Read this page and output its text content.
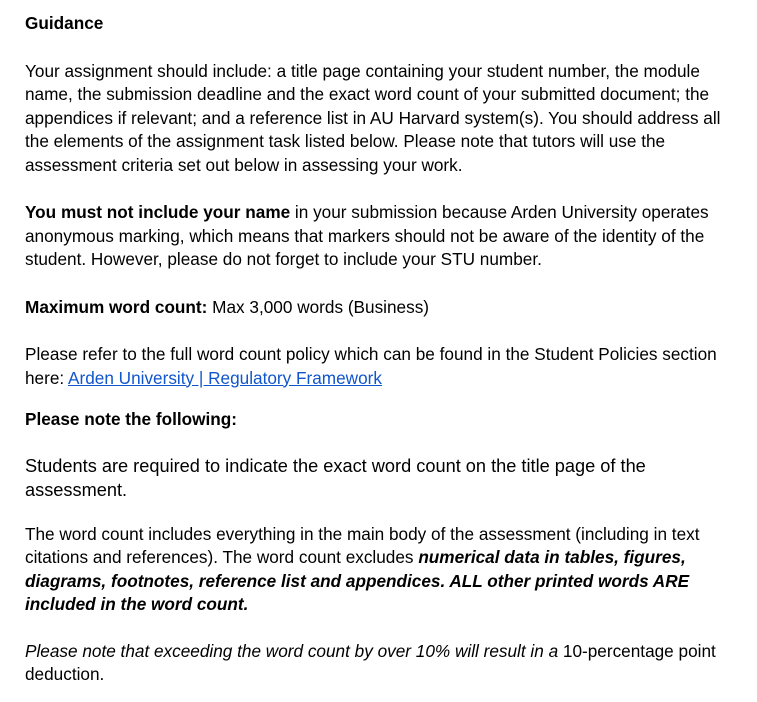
Guidance

Your assignment should include: a title page containing your student number, the module name, the submission deadline and the exact word count of your submitted document; the appendices if relevant; and a reference list in AU Harvard system(s). You should address all the elements of the assignment task listed below. Please note that tutors will use the assessment criteria set out below in assessing your work.

You must not include your name in your submission because Arden University operates anonymous marking, which means that markers should not be aware of the identity of the student. However, please do not forget to include your STU number.

Maximum word count: Max 3,000 words (Business)

Please refer to the full word count policy which can be found in the Student Policies section here: Arden University | Regulatory Framework

Please note the following:

Students are required to indicate the exact word count on the title page of the assessment.

The word count includes everything in the main body of the assessment (including in text citations and references). The word count excludes numerical data in tables, figures, diagrams, footnotes, reference list and appendices. ALL other printed words ARE included in the word count.

Please note that exceeding the word count by over 10% will result in a 10-percentage point deduction.
